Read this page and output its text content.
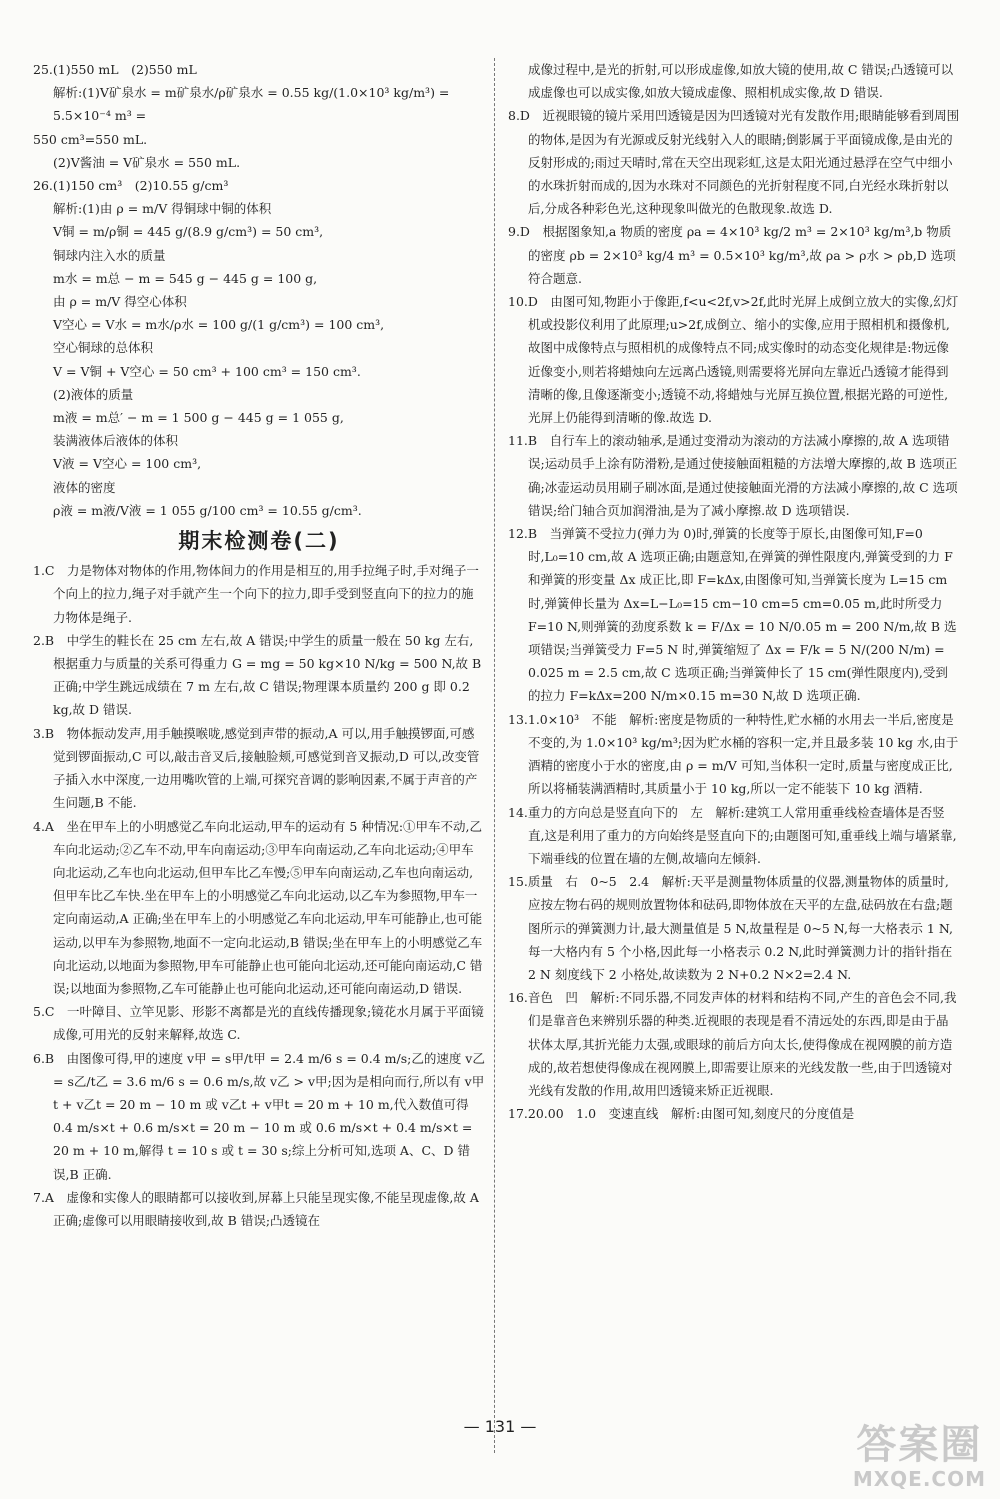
25.(1)550 mL　(2)550 mL

解析:(1)V矿泉水 = m矿泉水/ρ矿泉水 = 0.55 kg/(1.0×10³ kg/m³) = 5.5×10⁻⁴ m³ =

550 cm³=550 mL.

(2)V酱油 = V矿泉水 = 550 mL.

26.(1)150 cm³　(2)10.55 g/cm³

解析:(1)由 ρ = m/V 得铜球中铜的体积

V铜 = m/ρ铜 = 445 g/(8.9 g/cm³) = 50 cm³,

铜球内注入水的质量

m水 = m总 − m = 545 g − 445 g = 100 g,

由 ρ = m/V 得空心体积

V空心 = V水 = m水/ρ水 = 100 g/(1 g/cm³) = 100 cm³,

空心铜球的总体积

V = V铜 + V空心 = 50 cm³ + 100 cm³ = 150 cm³.

(2)液体的质量

m液 = m总′ − m = 1 500 g − 445 g = 1 055 g,

装满液体后液体的体积

V液 = V空心 = 100 cm³,

液体的密度

ρ液 = m液/V液 = 1 055 g/100 cm³ = 10.55 g/cm³.

期末检测卷(二)

1.C　力是物体对物体的作用,物体间力的作用是相互的,用手拉绳子时,手对绳子一个向上的拉力,绳子对手就产生一个向下的拉力,即手受到竖直向下的拉力的施力物体是绳子.

2.B　中学生的鞋长在 25 cm 左右,故 A 错误;中学生的质量一般在 50 kg 左右,根据重力与质量的关系可得重力 G = mg = 50 kg×10 N/kg = 500 N,故 B 正确;中学生跳远成绩在 7 m 左右,故 C 错误;物理课本质量约 200 g 即 0.2 kg,故 D 错误.

3.B　物体振动发声,用手触摸喉咙,感觉到声带的振动,A 可以,用手触摸锣面,可感觉到锣面振动,C 可以,敲击音叉后,接触脸颊,可感觉到音叉振动,D 可以,改变管子插入水中深度,一边用嘴吹管的上端,可探究音调的影响因素,不属于声音的产生问题,B 不能.

4.A　坐在甲车上的小明感觉乙车向北运动,甲车的运动有 5 种情况:①甲车不动,乙车向北运动;②乙车不动,甲车向南运动;③甲车向南运动,乙车向北运动;④甲车向北运动,乙车也向北运动,但甲车比乙车慢;⑤甲车向南运动,乙车也向南运动,但甲车比乙车快.坐在甲车上的小明感觉乙车向北运动,以乙车为参照物,甲车一定向南运动,A 正确;坐在甲车上的小明感觉乙车向北运动,甲车可能静止,也可能运动,以甲车为参照物,地面不一定向北运动,B 错误;坐在甲车上的小明感觉乙车向北运动,以地面为参照物,甲车可能静止也可能向北运动,还可能向南运动,C 错误;以地面为参照物,乙车可能静止也可能向北运动,还可能向南运动,D 错误.

5.C　一叶障目、立竿见影、形影不离都是光的直线传播现象;镜花水月属于平面镜成像,可用光的反射来解释,故选 C.

6.B　由图像可得,甲的速度 v甲 = s甲/t甲 = 2.4 m/6 s = 0.4 m/s;乙的速度 v乙 = s乙/t乙 = 3.6 m/6 s = 0.6 m/s,故 v乙 > v甲;因为是相向而行,所以有 v甲t + v乙t = 20 m − 10 m 或 v乙t + v甲t = 20 m + 10 m,代入数值可得 0.4 m/s×t + 0.6 m/s×t = 20 m − 10 m 或 0.6 m/s×t + 0.4 m/s×t = 20 m + 10 m,解得 t = 10 s 或 t = 30 s;综上分析可知,选项 A、C、D 错误,B 正确.

7.A　虚像和实像人的眼睛都可以接收到,屏幕上只能呈现实像,不能呈现虚像,故 A 正确;虚像可以用眼睛接收到,故 B 错误;凸透镜在

成像过程中,是光的折射,可以形成虚像,如放大镜的使用,故 C 错误;凸透镜可以成虚像也可以成实像,如放大镜成虚像、照相机成实像,故 D 错误.

8.D　近视眼镜的镜片采用凹透镜是因为凹透镜对光有发散作用;眼睛能够看到周围的物体,是因为有光源或反射光线射入人的眼睛;倒影属于平面镜成像,是由光的反射形成的;雨过天晴时,常在天空出现彩虹,这是太阳光通过悬浮在空气中细小的水珠折射而成的,因为水珠对不同颜色的光折射程度不同,白光经水珠折射以后,分成各种彩色光,这种现象叫做光的色散现象.故选 D.

9.D　根据图象知,a 物质的密度 ρa = 4×10³ kg/2 m³ = 2×10³ kg/m³,b 物质的密度 ρb = 2×10³ kg/4 m³ = 0.5×10³ kg/m³,故 ρa > ρ水 > ρb,D 选项符合题意.

10.D　由图可知,物距小于像距,f<u<2f,v>2f,此时光屏上成倒立放大的实像,幻灯机或投影仪利用了此原理;u>2f,成倒立、缩小的实像,应用于照相机和摄像机,故图中成像特点与照相机的成像特点不同;成实像时的动态变化规律是:物远像近像变小,则若将蜡烛向左远离凸透镜,则需要将光屏向左靠近凸透镜才能得到清晰的像,且像逐渐变小;透镜不动,将蜡烛与光屏互换位置,根据光路的可逆性,光屏上仍能得到清晰的像.故选 D.

11.B　自行车上的滚动轴承,是通过变滑动为滚动的方法减小摩擦的,故 A 选项错误;运动员手上涂有防滑粉,是通过使接触面粗糙的方法增大摩擦的,故 B 选项正确;冰壶运动员用刷子刷冰面,是通过使接触面光滑的方法减小摩擦的,故 C 选项错误;给门轴合页加润滑油,是为了减小摩擦.故 D 选项错误.

12.B　当弹簧不受拉力(弹力为 0)时,弹簧的长度等于原长,由图像可知,F=0 时,L₀=10 cm,故 A 选项正确;由题意知,在弹簧的弹性限度内,弹簧受到的力 F 和弹簧的形变量 Δx 成正比,即 F=kΔx,由图像可知,当弹簧长度为 L=15 cm 时,弹簧伸长量为 Δx=L−L₀=15 cm−10 cm=5 cm=0.05 m,此时所受力 F=10 N,则弹簧的劲度系数 k = F/Δx = 10 N/0.05 m = 200 N/m,故 B 选项错误;当弹簧受力 F=5 N 时,弹簧缩短了 Δx = F/k = 5 N/(200 N/m) = 0.025 m = 2.5 cm,故 C 选项正确;当弹簧伸长了 15 cm(弹性限度内),受到的拉力 F=kΔx=200 N/m×0.15 m=30 N,故 D 选项正确.

13.1.0×10³　不能　解析:密度是物质的一种特性,贮水桶的水用去一半后,密度是不变的,为 1.0×10³ kg/m³;因为贮水桶的容积一定,并且最多装 10 kg 水,由于酒精的密度小于水的密度,由 ρ = m/V 可知,当体积一定时,质量与密度成正比,所以将桶装满酒精时,其质量小于 10 kg,所以一定不能装下 10 kg 酒精.

14.重力的方向总是竖直向下的　左　解析:建筑工人常用重垂线检查墙体是否竖直,这是利用了重力的方向始终是竖直向下的;由题图可知,重垂线上端与墙紧靠,下端垂线的位置在墙的左侧,故墙向左倾斜.

15.质量　右　0~5　2.4　解析:天平是测量物体质量的仪器,测量物体的质量时,应按左物右码的规则放置物体和砝码,即物体放在天平的左盘,砝码放在右盘;题图所示的弹簧测力计,最大测量值是 5 N,故量程是 0~5 N,每一大格表示 1 N,每一大格内有 5 个小格,因此每一小格表示 0.2 N,此时弹簧测力计的指针指在 2 N 刻度线下 2 小格处,故读数为 2 N+0.2 N×2=2.4 N.

16.音色　凹　解析:不同乐器,不同发声体的材料和结构不同,产生的音色会不同,我们是靠音色来辨别乐器的种类.近视眼的表现是看不清远处的东西,即是由于晶状体太厚,其折光能力太强,或眼球的前后方向太长,使得像成在视网膜的前方造成的,故若想使得像成在视网膜上,即需要让原来的光线发散一些,由于凹透镜对光线有发散的作用,故用凹透镜来矫正近视眼.

17.20.00　1.0　变速直线　解析:由图可知,刻度尺的分度值是

— 131 —	答案圈
MXQE.COM
